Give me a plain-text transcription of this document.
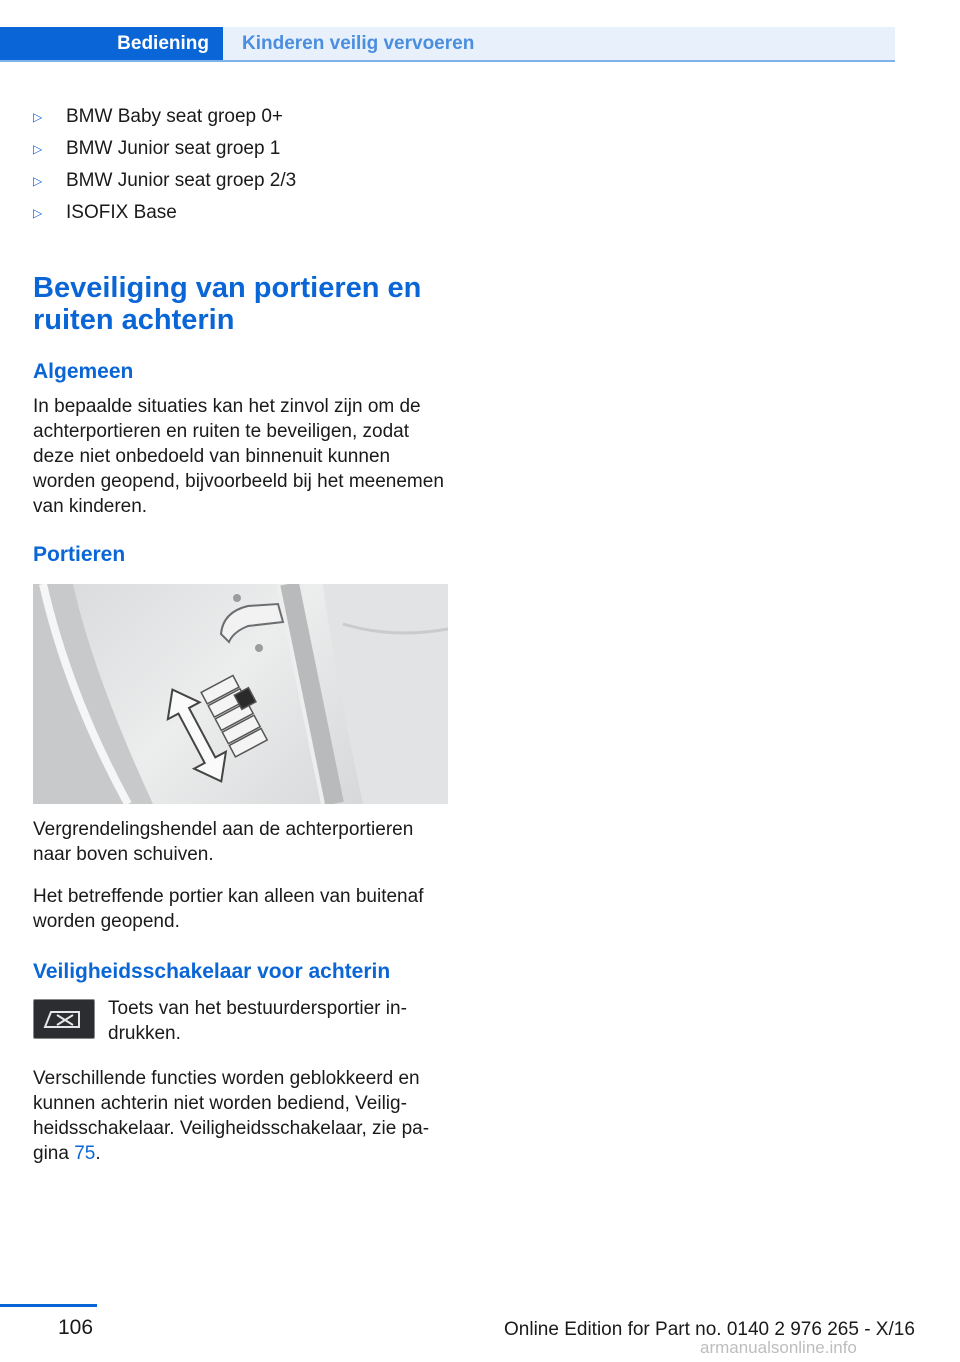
Bediening	Kinderen veilig vervoeren
▷	BMW Baby seat groep 0+
▷	BMW Junior seat groep 1
▷	BMW Junior seat groep 2/3
▷	ISOFIX Base
Beveiliging van portieren en ruiten achterin
Algemeen

In bepaalde situaties kan het zinvol zijn om de achterportieren en ruiten te beveiligen, zodat deze niet onbedoeld van binnenuit kunnen worden geopend, bijvoorbeeld bij het meenemen van kinderen.

Portieren

Vergrendelingshendel aan de achterportieren naar boven schuiven.

Het betreffende portier kan alleen van buitenaf worden geopend.

Veiligheidsschakelaar voor achterin

Toets van het bestuurdersportier indrukken.

Verschillende functies worden geblokkeerd en kunnen achterin niet worden bediend, Veiligheidsschakelaar. Veiligheidsschakelaar, zie pagina 75.

106	Online Edition for Part no. 0140 2 976 265 - X/16
armanualsonline.info
